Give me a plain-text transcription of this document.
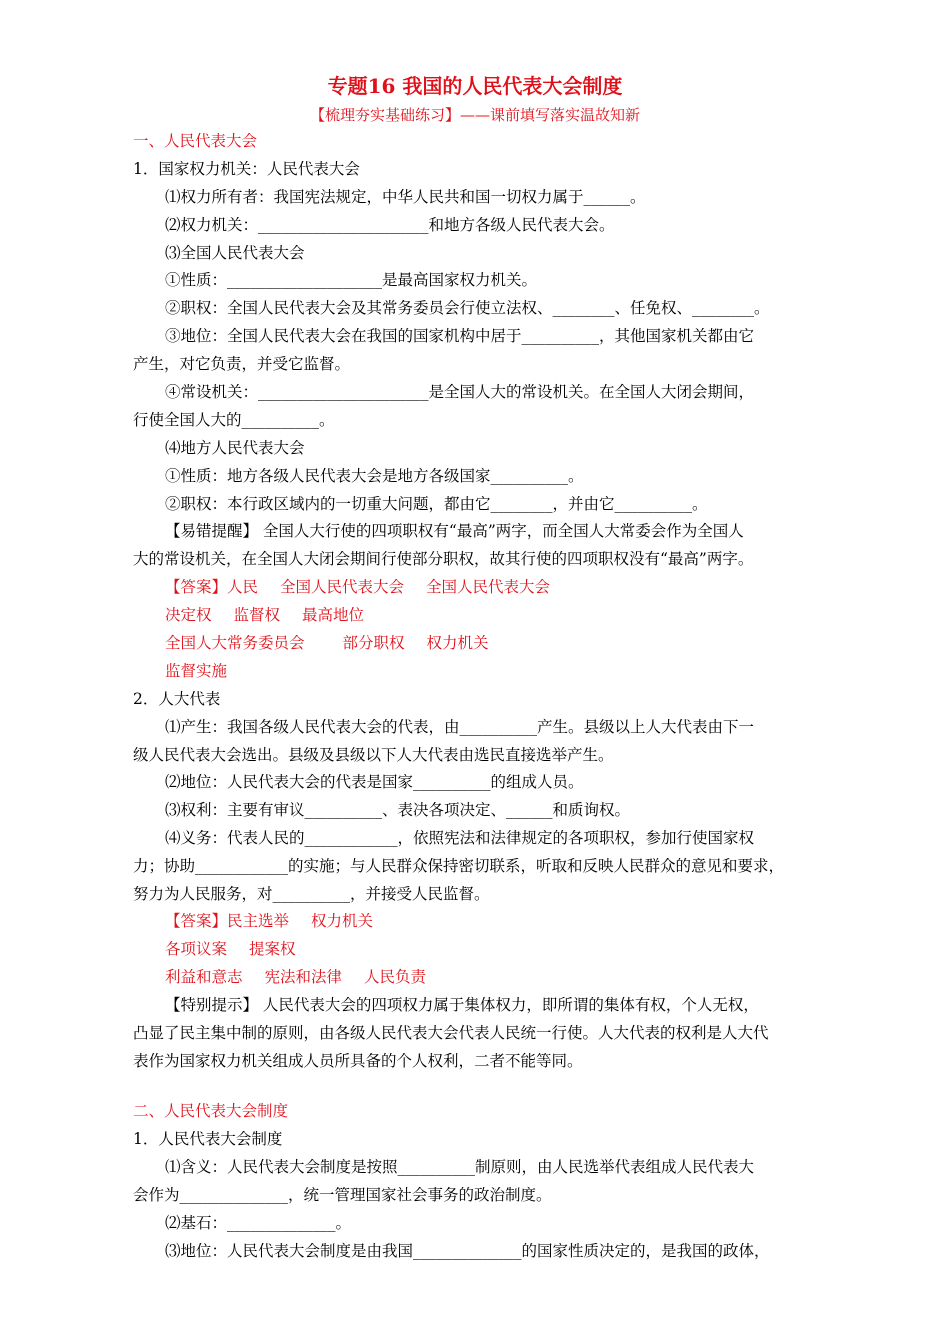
专题16 我国的人民代表大会制度
【梳理夯实基础练习】——课前填写落实温故知新
一、人民代表大会
1．国家权力机关：人民代表大会
⑴权力所有者：我国宪法规定，中华人民共和国一切权力属于______。
⑵权力机关：______________________和地方各级人民代表大会。
⑶全国人民代表大会
①性质：____________________是最高国家权力机关。
②职权：全国人民代表大会及其常务委员会行使立法权、________、任免权、________。
③地位：全国人民代表大会在我国的国家机构中居于__________，其他国家机关都由它
产生，对它负责，并受它监督。
④常设机关：______________________是全国人大的常设机关。在全国人大闭会期间，
行使全国人大的__________。
⑷地方人民代表大会
①性质：地方各级人民代表大会是地方各级国家__________。
②职权：本行政区域内的一切重大问题，都由它________，并由它__________。
【易错提醒】 全国人大行使的四项职权有“最高”两字，而全国人大常委会作为全国人
大的常设机关，在全国人大闭会期间行使部分职权，故其行使的四项职权没有“最高”两字。
【答案】人民 全国人民代表大会 全国人民代表大会
决定权 监督权 最高地位
全国人大常务委员会 部分职权 权力机关
监督实施
2．人大代表
⑴产生：我国各级人民代表大会的代表，由__________产生。县级以上人大代表由下一
级人民代表大会选出。县级及县级以下人大代表由选民直接选举产生。
⑵地位：人民代表大会的代表是国家__________的组成人员。
⑶权利：主要有审议__________、表决各项决定、______和质询权。
⑷义务：代表人民的____________，依照宪法和法律规定的各项职权，参加行使国家权
力；协助____________的实施；与人民群众保持密切联系，听取和反映人民群众的意见和要求，
努力为人民服务，对__________，并接受人民监督。
【答案】民主选举 权力机关
各项议案 提案权
利益和意志 宪法和法律 人民负责
【特别提示】 人民代表大会的四项权力属于集体权力，即所谓的集体有权，个人无权，
凸显了民主集中制的原则，由各级人民代表大会代表人民统一行使。人大代表的权利是人大代
表作为国家权力机关组成人员所具备的个人权利，二者不能等同。
二、人民代表大会制度
1．人民代表大会制度
⑴含义：人民代表大会制度是按照__________制原则，由人民选举代表组成人民代表大
会作为______________，统一管理国家社会事务的政治制度。
⑵基石：______________。
⑶地位：人民代表大会制度是由我国______________的国家性质决定的，是我国的政体，
